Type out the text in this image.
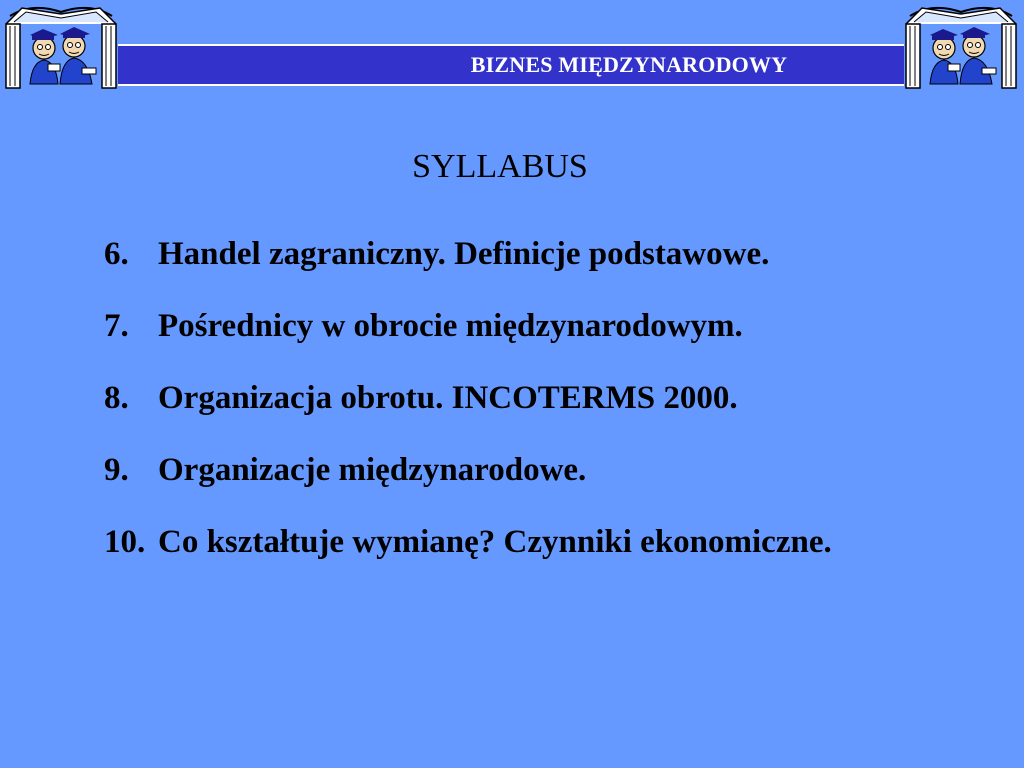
BIZNES MIĘDZYNARODOWY
SYLLABUS
6. Handel zagraniczny. Definicje podstawowe.
7. Pośrednicy w obrocie międzynarodowym.
8. Organizacja obrotu. INCOTERMS 2000.
9. Organizacje międzynarodowe.
10. Co kształtuje wymianę? Czynniki ekonomiczne.
